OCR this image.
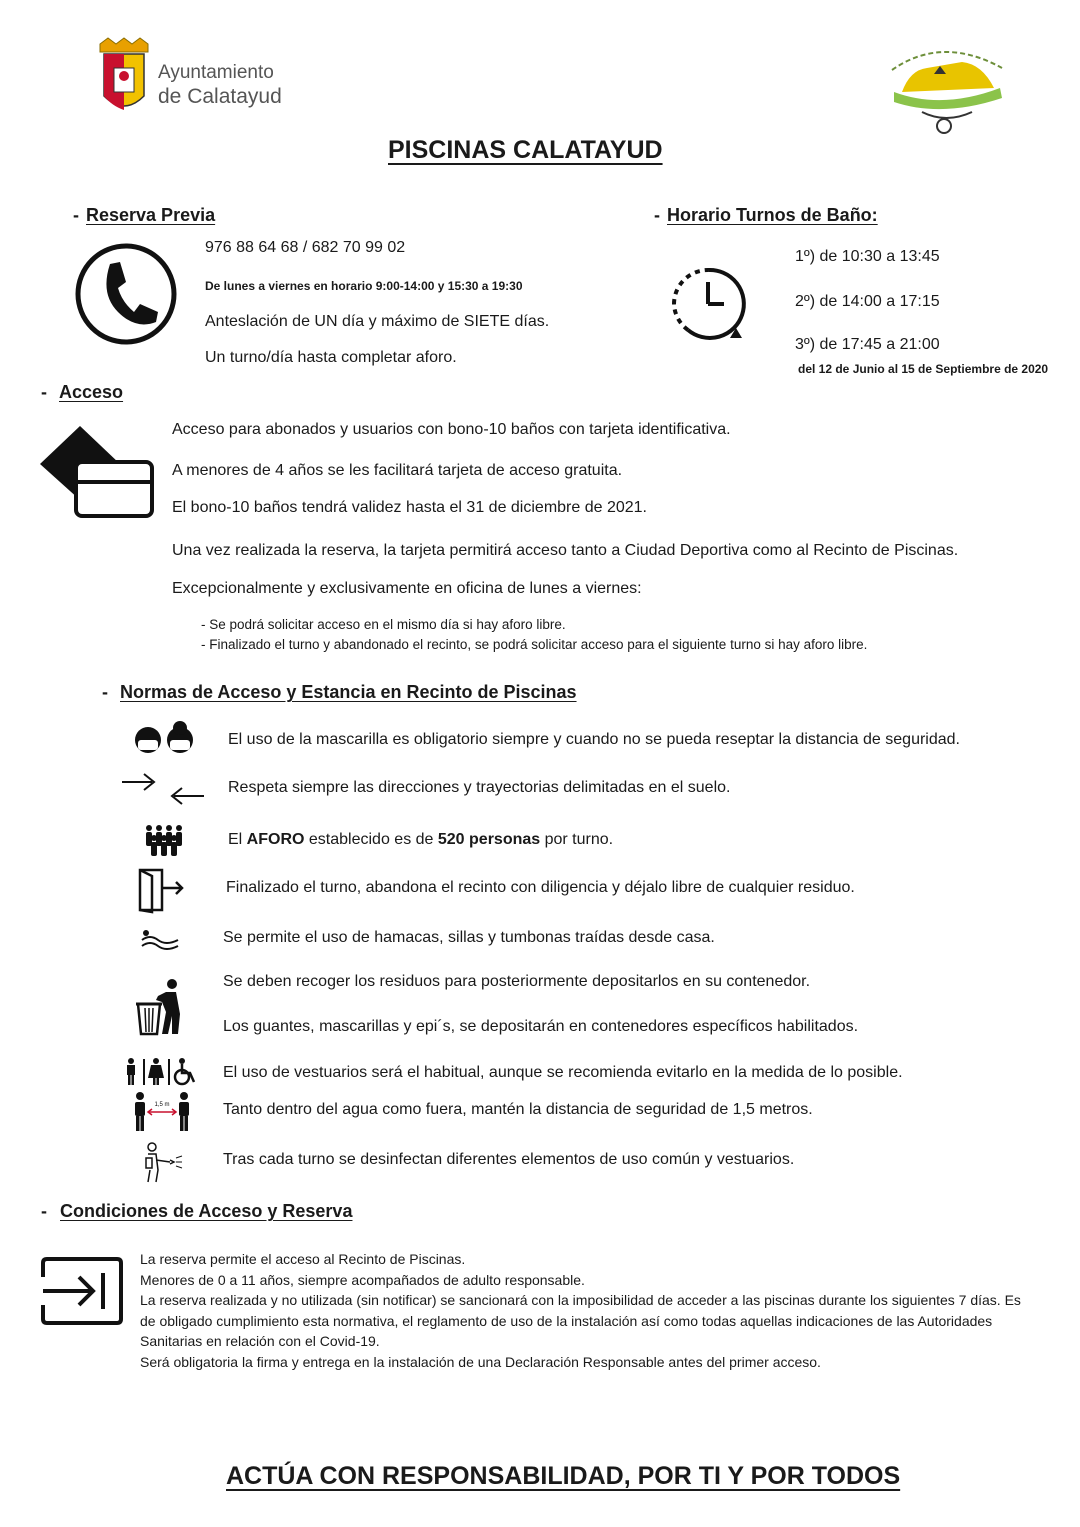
Ayuntamiento
de Calatayud
PISCINAS CALATAYUD
- Reserva Previa
976 88 64 68 / 682 70 99 02
De lunes a viernes en horario 9:00-14:00 y 15:30 a 19:30
Anteslación de UN día y máximo de SIETE días.
Un turno/día hasta completar aforo.
- Horario Turnos de Baño:
1º) de 10:30 a 13:45
2º) de 14:00 a 17:15
3º) de 17:45 a 21:00
del 12 de Junio al 15 de Septiembre de 2020
- Acceso
Acceso para abonados y usuarios con bono-10 baños con tarjeta identificativa.
A menores de 4 años se les facilitará tarjeta de acceso gratuita.
El bono-10 baños tendrá validez hasta el 31 de diciembre de 2021.
Una vez realizada la reserva, la tarjeta permitirá acceso tanto a Ciudad Deportiva como al Recinto de Piscinas.
Excepcionalmente y exclusivamente en oficina de lunes a viernes:
- Se podrá solicitar acceso en el mismo día si hay aforo libre.
- Finalizado el turno y abandonado el recinto, se podrá solicitar acceso para el siguiente turno si hay aforo libre.
- Normas de Acceso y Estancia en Recinto de Piscinas
El uso de la mascarilla es obligatorio siempre y cuando no se pueda reseptar la distancia de seguridad.
Respeta siempre las direcciones y trayectorias delimitadas en el suelo.
El AFORO establecido es de 520 personas por turno.
Finalizado el turno, abandona el recinto con diligencia y déjalo libre de cualquier residuo.
Se permite el uso de hamacas, sillas y tumbonas traídas desde casa.
Se deben recoger los residuos para posteriormente depositarlos en su contenedor.
Los guantes, mascarillas y epi´s, se depositarán en contenedores específicos habilitados.
El uso de vestuarios será el habitual, aunque se recomienda evitarlo en la medida de lo posible.
1,5 m	Tanto dentro del agua como fuera, mantén la distancia de seguridad de 1,5 metros.
Tras cada turno se desinfectan diferentes elementos de uso común y vestuarios.
- Condiciones de Acceso y Reserva
La reserva permite el acceso al Recinto de Piscinas.
Menores de 0 a 11 años, siempre acompañados de adulto responsable.
La reserva realizada y no utilizada (sin notificar) se sancionará con la imposibilidad de acceder a las piscinas durante los siguientes 7 días. Es
de obligado cumplimiento esta normativa, el reglamento de uso de la instalación así como todas aquellas indicaciones de las Autoridades
Sanitarias en relación con el Covid-19.
Será obligatoria la firma y entrega en la instalación de una Declaración Responsable antes del primer acceso.
ACTÚA CON RESPONSABILIDAD, POR TI Y POR TODOS
